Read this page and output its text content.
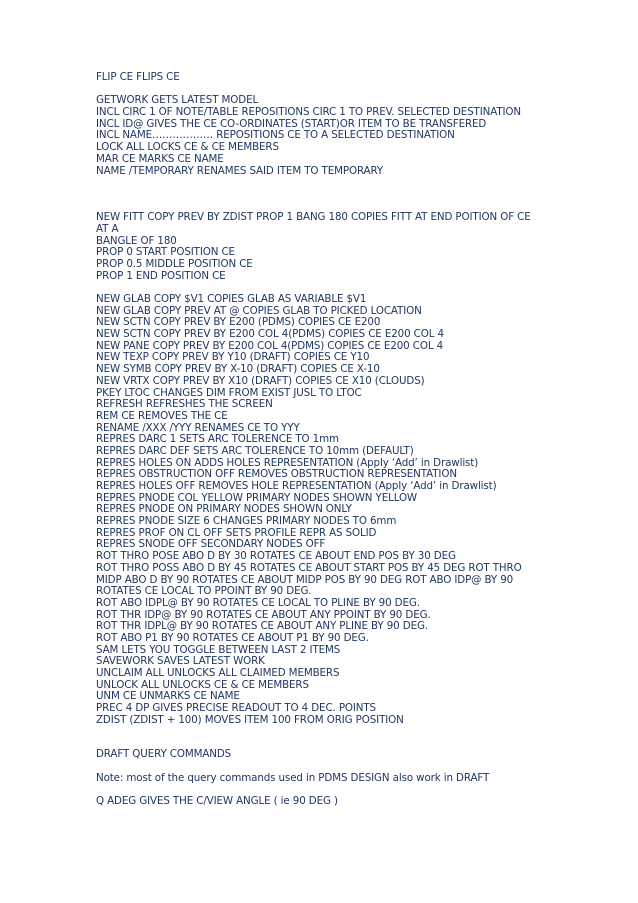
FLIP CE FLIPS CE
GETWORK GETS LATEST MODEL
INCL CIRC 1 OF NOTE/TABLE REPOSITIONS CIRC 1 TO PREV. SELECTED DESTINATION
INCL ID@ GIVES THE CE CO-ORDINATES (START)OR ITEM TO BE TRANSFERED
INCL NAME……………… REPOSITIONS CE TO A SELECTED DESTINATION
LOCK ALL LOCKS CE & CE MEMBERS
MAR CE MARKS CE NAME
NAME /TEMPORARY RENAMES SAID ITEM TO TEMPORARY
NEW FITT COPY PREV BY ZDIST PROP 1 BANG 180 COPIES FITT AT END POITION OF CE
AT A
BANGLE OF 180
PROP 0 START POSITION CE
PROP 0.5 MIDDLE POSITION CE
PROP 1 END POSITION CE
NEW GLAB COPY $V1 COPIES GLAB AS VARIABLE $V1
NEW GLAB COPY PREV AT @ COPIES GLAB TO PICKED LOCATION
NEW SCTN COPY PREV BY E200 (PDMS) COPIES CE E200
NEW SCTN COPY PREV BY E200 COL 4(PDMS) COPIES CE E200 COL 4
NEW PANE COPY PREV BY E200 COL 4(PDMS) COPIES CE E200 COL 4
NEW TEXP COPY PREV BY Y10 (DRAFT) COPIES CE Y10
NEW SYMB COPY PREV BY X-10 (DRAFT) COPIES CE X-10
NEW VRTX COPY PREV BY X10 (DRAFT) COPIES CE X10 (CLOUDS)
PKEY LTOC CHANGES DIM FROM EXIST JUSL TO LTOC
REFRESH REFRESHES THE SCREEN
REM CE REMOVES THE CE
RENAME /XXX /YYY RENAMES CE TO YYY
REPRES DARC 1 SETS ARC TOLERENCE TO 1mm
REPRES DARC DEF SETS ARC TOLERENCE TO 10mm (DEFAULT)
REPRES HOLES ON ADDS HOLES REPRESENTATION (Apply ‘Add’ in Drawlist)
REPRES OBSTRUCTION OFF REMOVES OBSTRUCTION REPRESENTATION
REPRES HOLES OFF REMOVES HOLE REPRESENTATION (Apply ‘Add’ in Drawlist)
REPRES PNODE COL YELLOW PRIMARY NODES SHOWN YELLOW
REPRES PNODE ON PRIMARY NODES SHOWN ONLY
REPRES PNODE SIZE 6 CHANGES PRIMARY NODES TO 6mm
REPRES PROF ON CL OFF SETS PROFILE REPR AS SOLID
REPRES SNODE OFF SECONDARY NODES OFF
ROT THRO POSE ABO D BY 30 ROTATES CE ABOUT END POS BY 30 DEG
ROT THRO POSS ABO D BY 45 ROTATES CE ABOUT START POS BY 45 DEG ROT THRO
MIDP ABO D BY 90 ROTATES CE ABOUT MIDP POS BY 90 DEG ROT ABO IDP@ BY 90
ROTATES CE LOCAL TO PPOINT BY 90 DEG.
ROT ABO IDPL@ BY 90 ROTATES CE LOCAL TO PLINE BY 90 DEG.
ROT THR IDP@ BY 90 ROTATES CE ABOUT ANY PPOINT BY 90 DEG.
ROT THR IDPL@ BY 90 ROTATES CE ABOUT ANY PLINE BY 90 DEG.
ROT ABO P1 BY 90 ROTATES CE ABOUT P1 BY 90 DEG.
SAM LETS YOU TOGGLE BETWEEN LAST 2 ITEMS
SAVEWORK SAVES LATEST WORK
UNCLAIM ALL UNLOCKS ALL CLAIMED MEMBERS
UNLOCK ALL UNLOCKS CE & CE MEMBERS
UNM CE UNMARKS CE NAME
PREC 4 DP GIVES PRECISE READOUT TO 4 DEC. POINTS
ZDIST (ZDIST + 100) MOVES ITEM 100 FROM ORIG POSITION
DRAFT QUERY COMMANDS
Note: most of the query commands used in PDMS DESIGN also work in DRAFT
Q ADEG GIVES THE C/VIEW ANGLE ( ie 90 DEG )
